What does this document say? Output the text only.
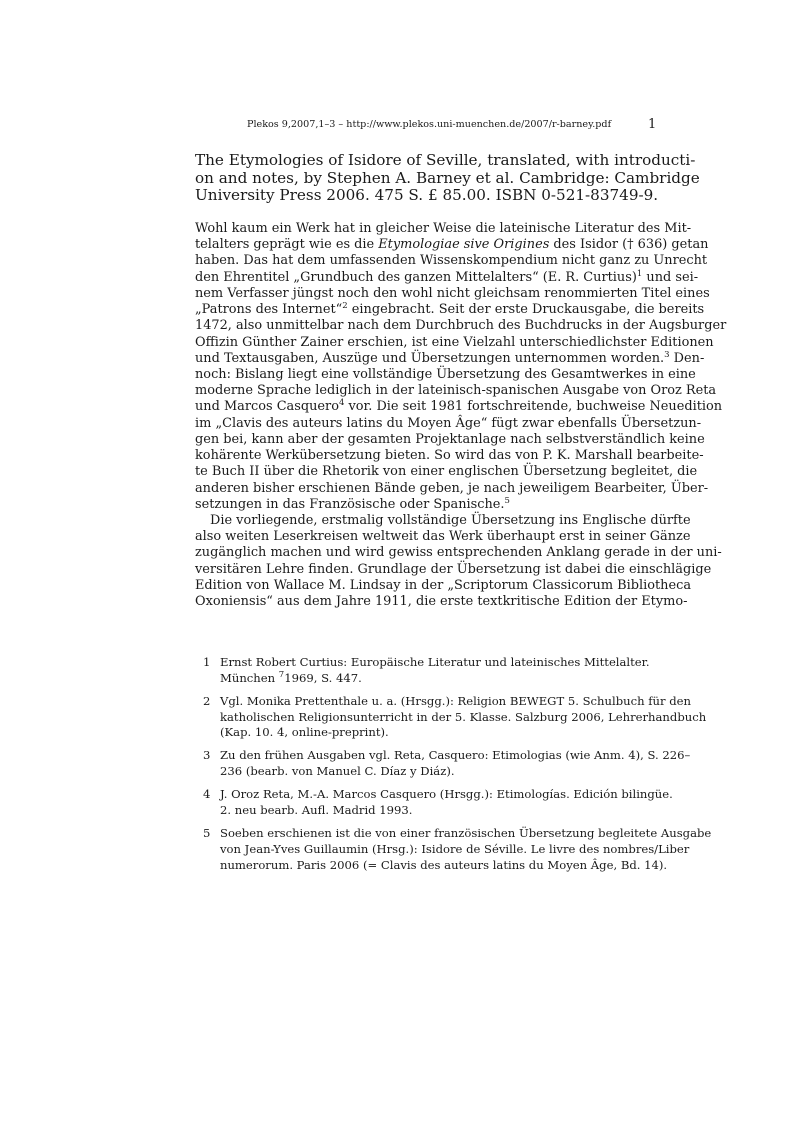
Plekos 9,2007,1–3 – http://www.plekos.uni-muenchen.de/2007/r-barney.pdf	1
The Etymologies of Isidore of Seville, translated, with introducti-
on and notes, by Stephen A. Barney et al. Cambridge: Cambridge
University Press 2006. 475 S. £ 85.00. ISBN 0-521-83749-9.
Wohl kaum ein Werk hat in gleicher Weise die lateinische Literatur des Mit-
telalters geprägt wie es die Etymologiae sive Origines des Isidor († 636) getan
haben. Das hat dem umfassenden Wissenskompendium nicht ganz zu Unrecht
den Ehrentitel „Grundbuch des ganzen Mittelalters“ (E. R. Curtius)$^1$ und sei-
nem Verfasser jüngst noch den wohl nicht gleichsam renommierten Titel eines
„Patrons des Internet“$^2$ eingebracht. Seit der erste Druckausgabe, die bereits
1472, also unmittelbar nach dem Durchbruch des Buchdrucks in der Augsburger
Offizin Günther Zainer erschien, ist eine Vielzahl unterschiedlichster Editionen
und Textausgaben, Auszüge und Übersetzungen unternommen worden.$^3$ Den-
noch: Bislang liegt eine vollständige Übersetzung des Gesamtwerkes in eine
moderne Sprache lediglich in der lateinisch-spanischen Ausgabe von Oroz Reta
und Marcos Casquero$^4$ vor. Die seit 1981 fortschreitende, buchweise Neuedition
im „Clavis des auteurs latins du Moyen Âge“ fügt zwar ebenfalls Übersetzun-
gen bei, kann aber der gesamten Projektanlage nach selbstverständlich keine
kohärente Werkübersetzung bieten. So wird das von P. K. Marshall bearbeite-
te Buch II über die Rhetorik von einer englischen Übersetzung begleitet, die
anderen bisher erschienen Bände geben, je nach jeweiligem Bearbeiter, Über-
setzungen in das Französische oder Spanische.$^5$
Die vorliegende, erstmalig vollständige Übersetzung ins Englische dürfte
also weiten Leserkreisen weltweit das Werk überhaupt erst in seiner Gänze
zugänglich machen und wird gewiss entsprechenden Anklang gerade in der uni-
versitären Lehre finden. Grundlage der Übersetzung ist dabei die einschlägige
Edition von Wallace M. Lindsay in der „Scriptorum Classicorum Bibliotheca
Oxoniensis“ aus dem Jahre 1911, die erste textkritische Edition der Etymo-
1 Ernst Robert Curtius: Europäische Literatur und lateinisches Mittelalter.
München $^7$1969, S. 447.
2 Vgl. Monika Prettenthale u. a. (Hrsgg.): Religion BEWEGT 5. Schulbuch für den
katholischen Religionsunterricht in der 5. Klasse. Salzburg 2006, Lehrerhandbuch
(Kap. 10. 4, online-preprint).
3 Zu den frühen Ausgaben vgl. Reta, Casquero: Etimologias (wie Anm. 4), S. 226–
236 (bearb. von Manuel C. Díaz y Diáz).
4 J. Oroz Reta, M.-A. Marcos Casquero (Hrsgg.): Etimologías. Edición bilingüe.
2. neu bearb. Aufl. Madrid 1993.
5 Soeben erschienen ist die von einer französischen Übersetzung begleitete Ausgabe
von Jean-Yves Guillaumin (Hrsg.): Isidore de Séville. Le livre des nombres/Liber
numerorum. Paris 2006 (= Clavis des auteurs latins du Moyen Âge, Bd. 14).
